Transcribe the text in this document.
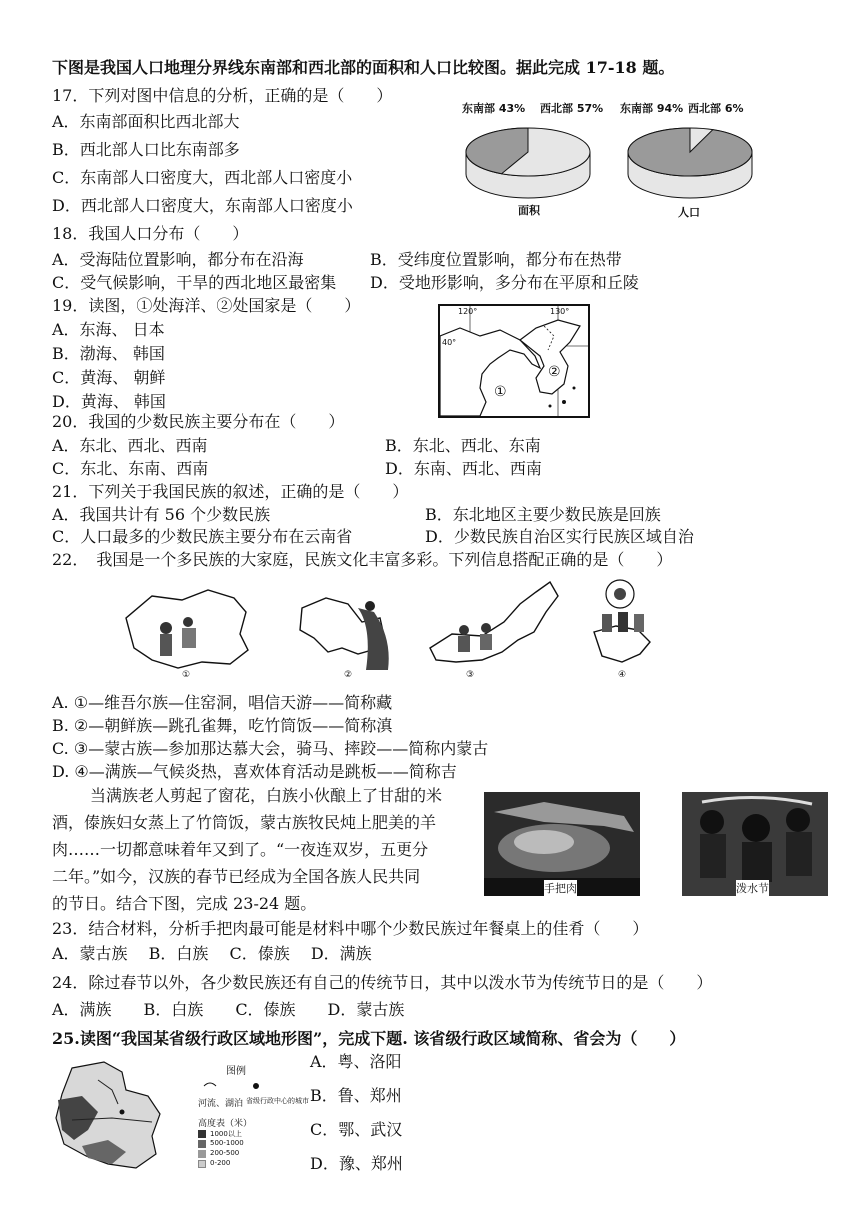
下图是我国人口地理分界线东南部和西北部的面积和人口比较图。据此完成 17-18 题。
17．下列对图中信息的分析，正确的是（　　）
A．东南部面积比西北部大
B．西北部人口比东南部多
C．东南部人口密度大，西北部人口密度小
D．西北部人口密度大，东南部人口密度小
东南部 43% 西北部 57% 东南部 94% 西北部 6%
面积	人口
18．我国人口分布（　　）
A．受海陆位置影响，都分布在沿海	B．受纬度位置影响，都分布在热带
C．受气候影响，干旱的西北地区最密集 D．受地形影响，多分布在平原和丘陵
19．读图，①处海洋、②处国家是（　　）
A．东海、 日本
B．渤海、 韩国
C．黄海、 朝鲜
D．黄海、 韩国
120°	130°
40°
①
②
20．我国的少数民族主要分布在（　　）
A．东北、西北、西南	B．东北、西北、东南
C．东北、东南、西南	D．东南、西北、西南
21．下列关于我国民族的叙述，正确的是（　　）
A．我国共计有 56 个少数民族	B．东北地区主要少数民族是回族
C．人口最多的少数民族主要分布在云南省	D．少数民族自治区实行民族区域自治
22．　我国是一个多民族的大家庭，民族文化丰富多彩。下列信息搭配正确的是（　　）
①	②	③	④
A. ①—维吾尔族—住窑洞，唱信天游——简称藏
B. ②—朝鲜族—跳孔雀舞，吃竹筒饭——简称滇
C. ③—蒙古族—参加那达慕大会，骑马、摔跤——简称内蒙古
D. ④—满族—气候炎热，喜欢体育活动是跳板——简称吉
当满族老人剪起了窗花，白族小伙酿上了甘甜的米
酒，傣族妇女蒸上了竹筒饭，蒙古族牧民炖上肥美的羊
肉……一切都意味着年又到了。“一夜连双岁，五更分
二年。”如今，汉族的春节已经成为全国各族人民共同
的节日。结合下图，完成 23-24 题。
手把肉	泼水节
23．结合材料，分析手把肉最可能是材料中哪个少数民族过年餐桌上的佳肴（　　）
A．蒙古族　 B．白族　 C．傣族　 D．满族
24．除过春节以外，各少数民族还有自己的传统节日，其中以泼水节为传统节日的是（　　）
A．满族　　B．白族　　C．傣族　　D．蒙古族
25.读图“我国某省级行政区域地形图”，完成下题. 该省级行政区域简称、省会为（　　）
A．粤、洛阳
B．鲁、郑州
C．鄂、武汉
D．豫、郑州
图例
河流、湖泊 省级行政中心的城市
高度表（米）
1000以上
500-1000
200-500
0-200
